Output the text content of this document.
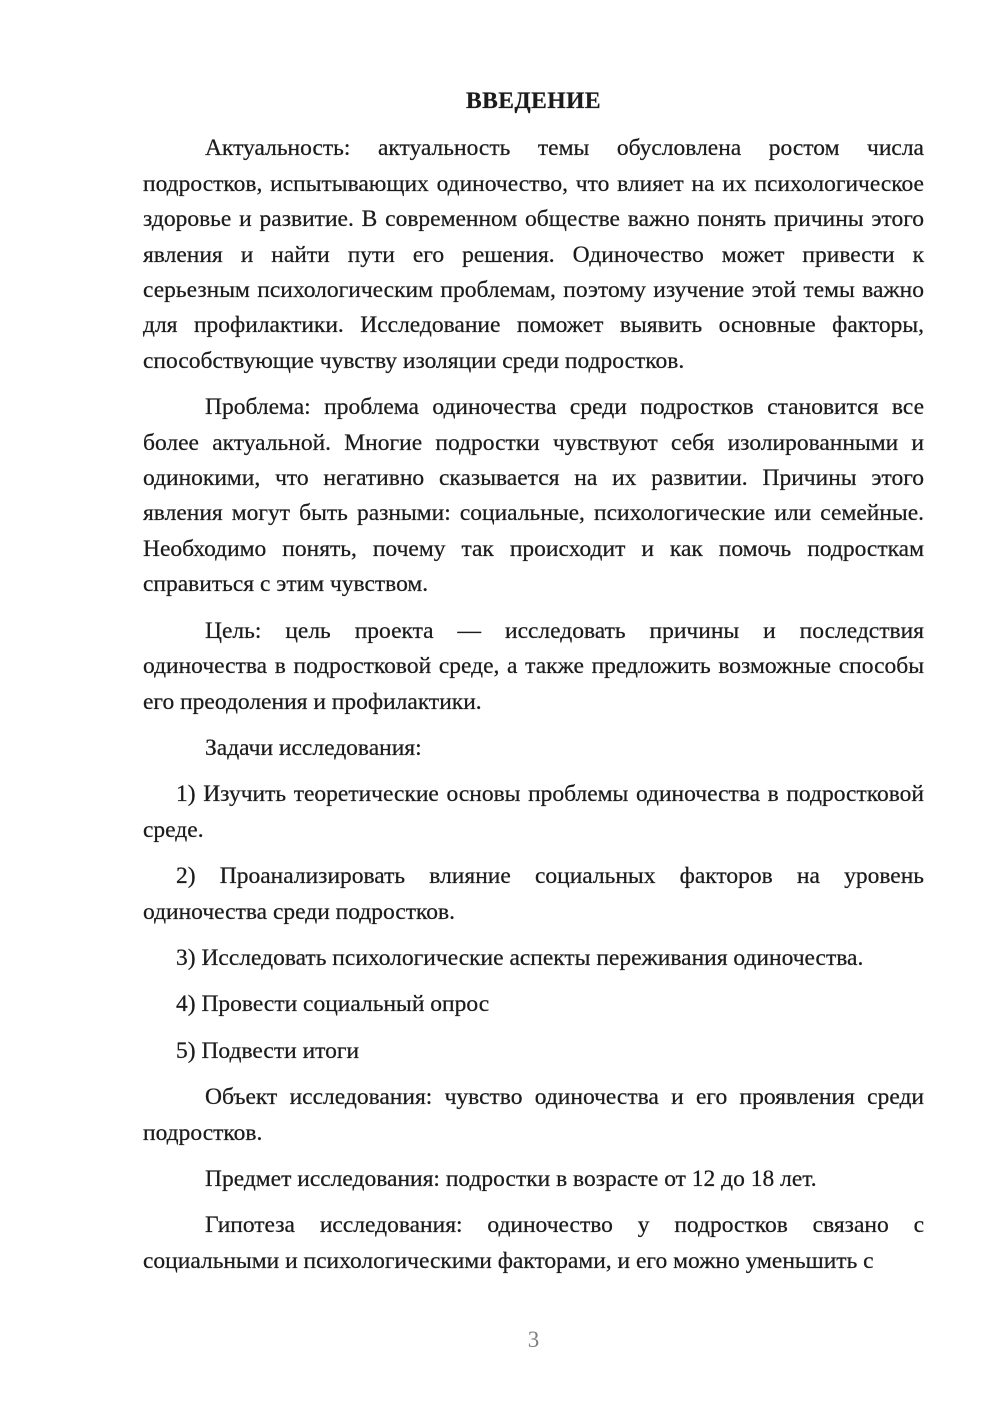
ВВЕДЕНИЕ

Актуальность: актуальность темы обусловлена ростом числа подростков, испытывающих одиночество, что влияет на их психологическое здоровье и развитие. В современном обществе важно понять причины этого явления и найти пути его решения. Одиночество может привести к серьезным психологическим проблемам, поэтому изучение этой темы важно для профилактики. Исследование поможет выявить основные факторы, способствующие чувству изоляции среди подростков.

Проблема: проблема одиночества среди подростков становится все более актуальной. Многие подростки чувствуют себя изолированными и одинокими, что негативно сказывается на их развитии. Причины этого явления могут быть разными: социальные, психологические или семейные. Необходимо понять, почему так происходит и как помочь подросткам справиться с этим чувством.

Цель: цель проекта — исследовать причины и последствия одиночества в подростковой среде, а также предложить возможные способы его преодоления и профилактики.

Задачи исследования:

1) Изучить теоретические основы проблемы одиночества в подростковой среде.

2) Проанализировать влияние социальных факторов на уровень одиночества среди подростков.

3) Исследовать психологические аспекты переживания одиночества.

4) Провести социальный опрос

5) Подвести итоги

Объект исследования: чувство одиночества и его проявления среди подростков.

Предмет исследования: подростки в возрасте от 12 до 18 лет.

Гипотеза исследования: одиночество у подростков связано с социальными и психологическими факторами, и его можно уменьшить с

3
